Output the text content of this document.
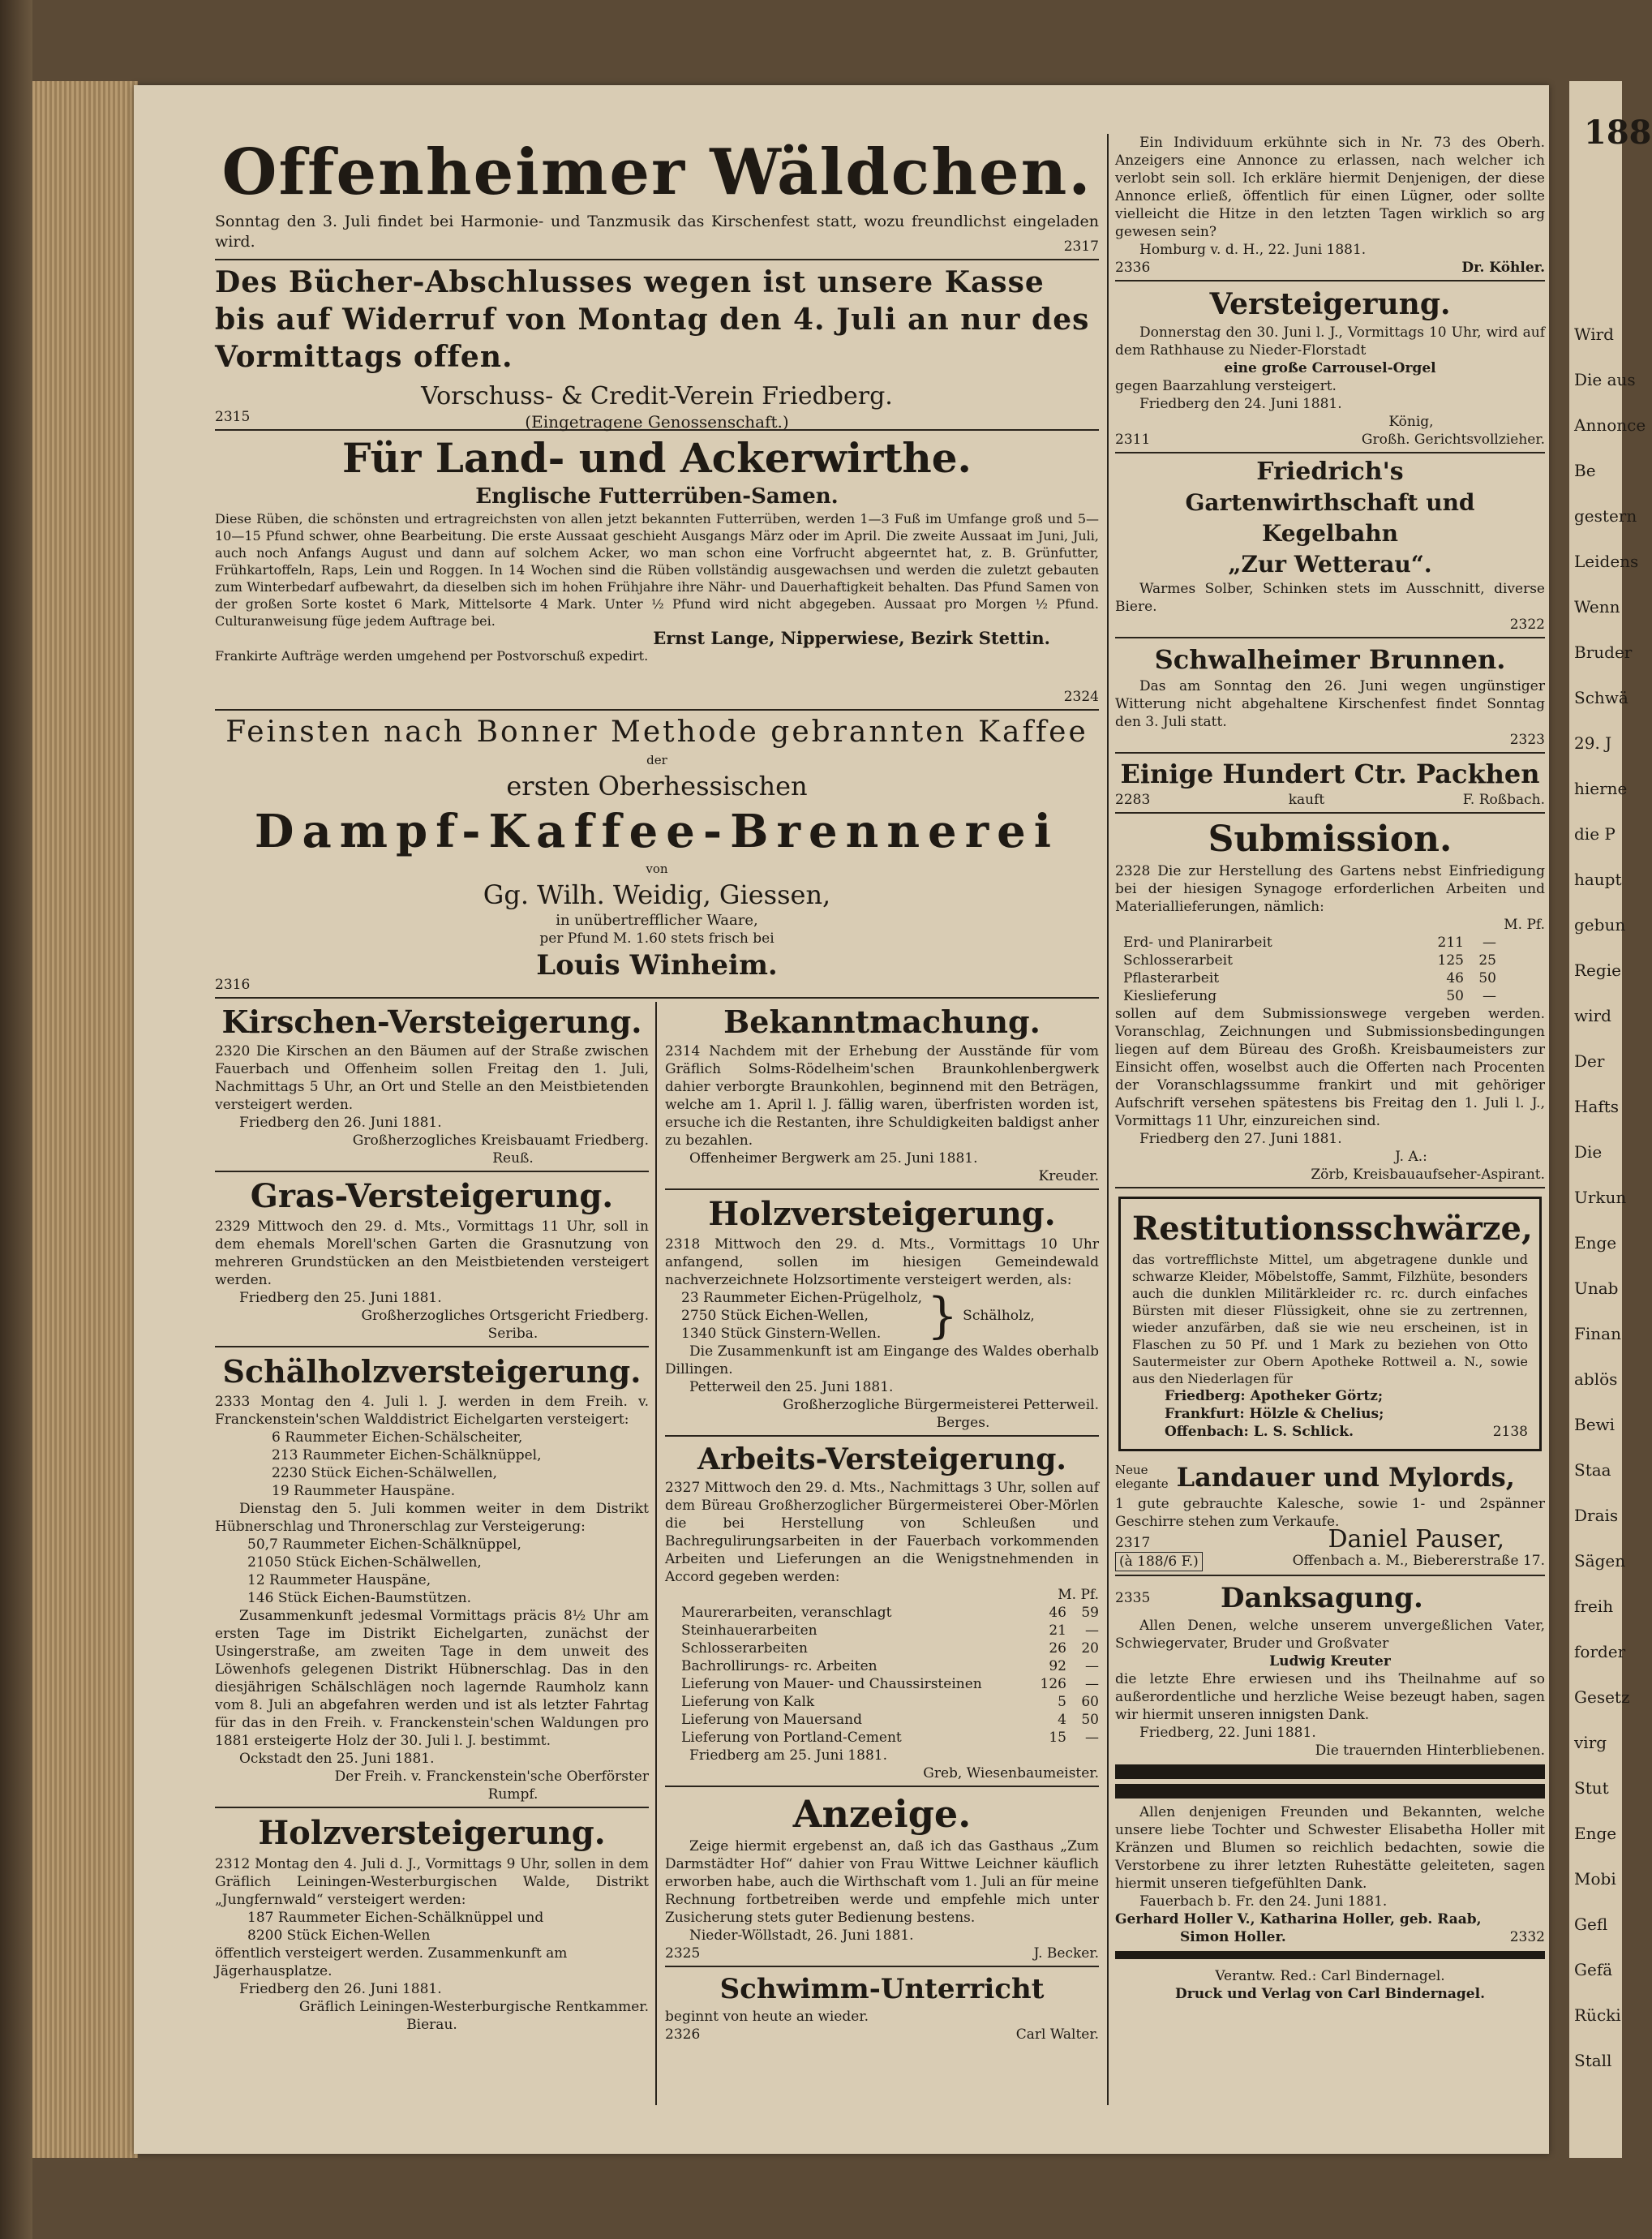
188
Wird
Die aus
Annonce
Be
gestern
Leidens
Wenn
Bruder
Schwä
29. J
hierne
die P
haupt
gebun
Regie
wird
Der
Hafts
Die
Urkun
Enge
Unab
Finan
ablös
Bewi
Staa
Drais
Sägen
freih
forder
Gesetz
virg
Stut
Enge
Mobi
Gefl
Gefä
Rücki
Stall
Offenheimer Wäldchen.
Sonntag den 3. Juli findet bei Harmonie- und Tanzmusik das Kirschenfest statt, wozu freundlichst eingeladen wird.	2317
Des Bücher-Abschlusses wegen ist unsere Kasse bis auf Widerruf von Montag den 4. Juli an nur des Vormittags offen.
Vorschuss- & Credit-Verein Friedberg.
(Eingetragene Genossenschaft.)
2315
Für Land- und Ackerwirthe.
Englische Futterrüben-Samen.
Diese Rüben, die schönsten und ertragreichsten von allen jetzt bekannten Futterrüben, werden 1—3 Fuß im Umfange groß und 5—10—15 Pfund schwer, ohne Bearbeitung. Die erste Aussaat geschieht Ausgangs März oder im April. Die zweite Aussaat im Juni, Juli, auch noch Anfangs August und dann auf solchem Acker, wo man schon eine Vorfrucht abgeerntet hat, z. B. Grünfutter, Frühkartoffeln, Raps, Lein und Roggen. In 14 Wochen sind die Rüben vollständig ausgewachsen und werden die zuletzt gebauten zum Winterbedarf aufbewahrt, da dieselben sich im hohen Frühjahre ihre Nähr- und Dauerhaftigkeit behalten. Das Pfund Samen von der großen Sorte kostet 6 Mark, Mittelsorte 4 Mark. Unter ½ Pfund wird nicht abgegeben. Aussaat pro Morgen ½ Pfund. Culturanweisung füge jedem Auftrage bei.
Ernst Lange, Nipperwiese, Bezirk Stettin.
Frankirte Aufträge werden umgehend per Postvorschuß expedirt.
2324
Feinsten nach Bonner Methode gebrannten Kaffee
der
ersten Oberhessischen
Dampf-Kaffee-Brennerei
von
Gg. Wilh. Weidig, Giessen,
in unübertrefflicher Waare,
per Pfund M. 1.60 stets frisch bei
Louis Winheim.
2316
Kirschen-Versteigerung.
2320 Die Kirschen an den Bäumen auf der Straße zwischen Fauerbach und Offenheim sollen Freitag den 1. Juli, Nachmittags 5 Uhr, an Ort und Stelle an den Meistbietenden versteigert werden.
Friedberg den 26. Juni 1881.
Großherzogliches Kreisbauamt Friedberg.
Reuß.
Gras-Versteigerung.
2329 Mittwoch den 29. d. Mts., Vormittags 11 Uhr, soll in dem ehemals Morell'schen Garten die Grasnutzung von mehreren Grundstücken an den Meistbietenden versteigert werden.
Friedberg den 25. Juni 1881.
Großherzogliches Ortsgericht Friedberg.
Seriba.
Schälholzversteigerung.
2333 Montag den 4. Juli l. J. werden in dem Freih. v. Franckenstein'schen Walddistrict Eichelgarten versteigert:
6 Raummeter Eichen-Schälscheiter,
213 Raummeter Eichen-Schälknüppel,
2230 Stück Eichen-Schälwellen,
19 Raummeter Hauspäne.
Dienstag den 5. Juli kommen weiter in dem Distrikt Hübnerschlag und Thronerschlag zur Versteigerung:
50,7 Raummeter Eichen-Schälknüppel,
21050 Stück Eichen-Schälwellen,
12 Raummeter Hauspäne,
146 Stück Eichen-Baumstützen.
Zusammenkunft jedesmal Vormittags präcis 8½ Uhr am ersten Tage im Distrikt Eichelgarten, zunächst der Usingerstraße, am zweiten Tage in dem unweit des Löwenhofs gelegenen Distrikt Hübnerschlag. Das in den diesjährigen Schälschlägen noch lagernde Raumholz kann vom 8. Juli an abgefahren werden und ist als letzter Fahrtag für das in den Freih. v. Franckenstein'schen Waldungen pro 1881 ersteigerte Holz der 30. Juli l. J. bestimmt.
Ockstadt den 25. Juni 1881.
Der Freih. v. Franckenstein'sche Oberförster
Rumpf.
Holzversteigerung.
2312 Montag den 4. Juli d. J., Vormittags 9 Uhr, sollen in dem Gräflich Leiningen-Westerburgischen Walde, Distrikt „Jungfernwald“ versteigert werden:
187 Raummeter Eichen-Schälknüppel und
8200 Stück Eichen-Wellen
öffentlich versteigert werden. Zusammenkunft am Jägerhausplatze.
Friedberg den 26. Juni 1881.
Gräflich Leiningen-Westerburgische Rentkammer.
Bierau.
Bekanntmachung.
2314 Nachdem mit der Erhebung der Ausstände für vom Gräflich Solms-Rödelheim'schen Braunkohlenbergwerk dahier verborgte Braunkohlen, beginnend mit den Beträgen, welche am 1. April l. J. fällig waren, überfristen worden ist, ersuche ich die Restanten, ihre Schuldigkeiten baldigst anher zu bezahlen.
Offenheimer Bergwerk am 25. Juni 1881.
Kreuder.
Holzversteigerung.
2318 Mittwoch den 29. d. Mts., Vormittags 10 Uhr anfangend, sollen im hiesigen Gemeindewald nachverzeichnete Holzsortimente versteigert werden, als:
23 Raummeter Eichen-Prügelholz,
2750 Stück Eichen-Wellen,
1340 Stück Ginstern-Wellen. } Schälholz,
Die Zusammenkunft ist am Eingange des Waldes oberhalb Dillingen.
Petterweil den 25. Juni 1881.
Großherzogliche Bürgermeisterei Petterweil.
Berges.
Arbeits-Versteigerung.
2327 Mittwoch den 29. d. Mts., Nachmittags 3 Uhr, sollen auf dem Büreau Großherzoglicher Bürgermeisterei Ober-Mörlen die bei Herstellung von Schleußen und Bachregulirungsarbeiten in der Fauerbach vorkommenden Arbeiten und Lieferungen an die Wenigstnehmenden in Accord gegeben werden:
M. Pf.
Maurerarbeiten, veranschlagt	46	59
Steinhauerarbeiten	21	—
Schlosserarbeiten	26	20
Bachrollirungs- rc. Arbeiten	92	—
Lieferung von Mauer- und Chaussirsteinen	126	—
Lieferung von Kalk	5	60
Lieferung von Mauersand	4	50
Lieferung von Portland-Cement	15	—
Friedberg am 25. Juni 1881.
Greb, Wiesenbaumeister.
Anzeige.
Zeige hiermit ergebenst an, daß ich das Gasthaus „Zum Darmstädter Hof“ dahier von Frau Wittwe Leichner käuflich erworben habe, auch die Wirthschaft vom 1. Juli an für meine Rechnung fortbetreiben werde und empfehle mich unter Zusicherung stets guter Bedienung bestens.
Nieder-Wöllstadt, 26. Juni 1881.
2325	J. Becker.
Schwimm-Unterricht
beginnt von heute an wieder.
2326	Carl Walter.
Ein Individuum erkühnte sich in Nr. 73 des Oberh. Anzeigers eine Annonce zu erlassen, nach welcher ich verlobt sein soll. Ich erkläre hiermit Denjenigen, der diese Annonce erließ, öffentlich für einen Lügner, oder sollte vielleicht die Hitze in den letzten Tagen wirklich so arg gewesen sein?
Homburg v. d. H., 22. Juni 1881.
2336	Dr. Köhler.
Versteigerung.
Donnerstag den 30. Juni l. J., Vormittags 10 Uhr, wird auf dem Rathhause zu Nieder-Florstadt
eine große Carrousel-Orgel
gegen Baarzahlung versteigert.
Friedberg den 24. Juni 1881.
König,
2311	Großh. Gerichtsvollzieher.
Friedrich's
Gartenwirthschaft und Kegelbahn
„Zur Wetterau“.
Warmes Solber, Schinken stets im Ausschnitt, diverse Biere.
2322
Schwalheimer Brunnen.
Das am Sonntag den 26. Juni wegen ungünstiger Witterung nicht abgehaltene Kirschenfest findet Sonntag den 3. Juli statt.
2323
Einige Hundert Ctr. Packhen
2283	kauft	F. Roßbach.
Submission.
2328 Die zur Herstellung des Gartens nebst Einfriedigung bei der hiesigen Synagoge erforderlichen Arbeiten und Materiallieferungen, nämlich:
M. Pf.
Erd- und Planirarbeit	211	—
Schlosserarbeit	125	25
Pflasterarbeit	46	50
Kieslieferung	50	—
sollen auf dem Submissionswege vergeben werden. Voranschlag, Zeichnungen und Submissionsbedingungen liegen auf dem Büreau des Großh. Kreisbaumeisters zur Einsicht offen, woselbst auch die Offerten nach Procenten der Voranschlagssumme frankirt und mit gehöriger Aufschrift versehen spätestens bis Freitag den 1. Juli l. J., Vormittags 11 Uhr, einzureichen sind.
Friedberg den 27. Juni 1881.
J. A.:
Zörb, Kreisbauaufseher-Aspirant.
Restitutionsschwärze,
das vortrefflichste Mittel, um abgetragene dunkle und schwarze Kleider, Möbelstoffe, Sammt, Filzhüte, besonders auch die dunklen Militärkleider rc. rc. durch einfaches Bürsten mit dieser Flüssigkeit, ohne sie zu zertrennen, wieder anzufärben, daß sie wie neu erscheinen, ist in Flaschen zu 50 Pf. und 1 Mark zu beziehen von Otto Sautermeister zur Obern Apotheke Rottweil a. N., sowie aus den Niederlagen für
Friedberg: Apotheker Görtz;
Frankfurt: Hölzle & Chelius;
Offenbach: L. S. Schlick.	2138
Neue
elegante Landauer und Mylords,
1 gute gebrauchte Kalesche, sowie 1- und 2spänner Geschirre stehen zum Verkaufe.
2317	Daniel Pauser,
(à 188/6 F.)	Offenbach a. M., Biebererstraße 17.
2335	Danksagung.
Allen Denen, welche unserem unvergeßlichen Vater, Schwiegervater, Bruder und Großvater
Ludwig Kreuter
die letzte Ehre erwiesen und ihs Theilnahme auf so außerordentliche und herzliche Weise bezeugt haben, sagen wir hiermit unseren innigsten Dank.
Friedberg, 22. Juni 1881.
Die trauernden Hinterbliebenen.
Allen denjenigen Freunden und Bekannten, welche unsere liebe Tochter und Schwester Elisabetha Holler mit Kränzen und Blumen so reichlich bedachten, sowie die Verstorbene zu ihrer letzten Ruhestätte geleiteten, sagen hiermit unseren tiefgefühlten Dank.
Fauerbach b. Fr. den 24. Juni 1881.
Gerhard Holler V., Katharina Holler, geb. Raab,
Simon Holler.	2332
Verantw. Red.: Carl Bindernagel.
Druck und Verlag von Carl Bindernagel.
